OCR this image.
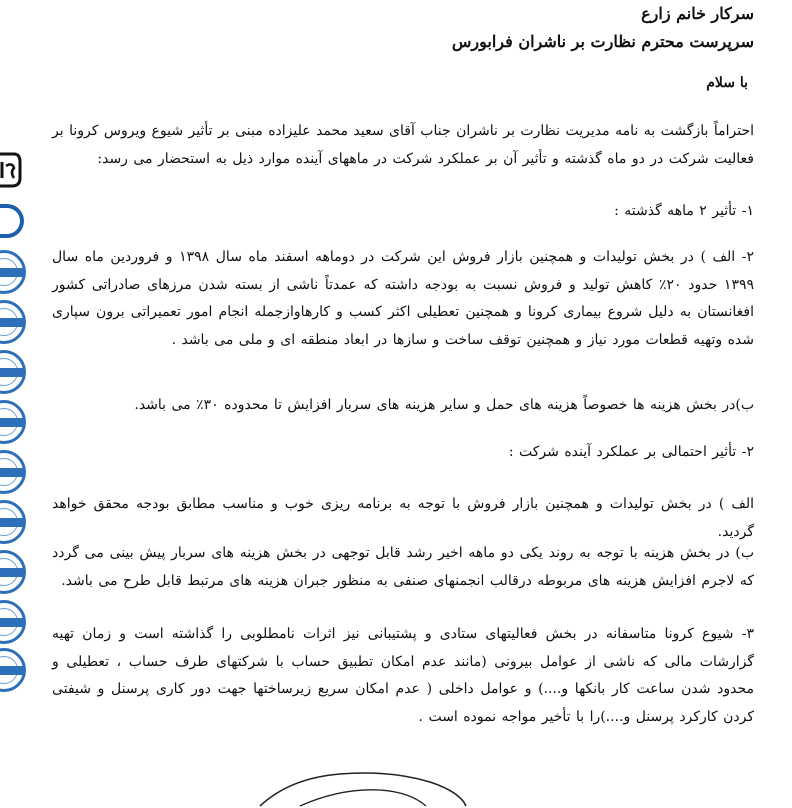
سرکار خانم زارع
سرپرست محترم نظارت بر ناشران فرابورس
با سلام
احتراماً بازگشت به نامه مدیریت نظارت بر ناشران جناب آقای سعید محمد علیزاده مبنی بر تأثیر شیوع ویروس کرونا بر فعالیت شرکت در دو ماه گذشته و تأثیر آن بر عملکرد شرکت در ماههای آینده موارد ذیل به استحضار می رسد:
۱- تأثیر ۲ ماهه گذشته :
۲- الف ) در بخش تولیدات و همچنین بازار فروش این شرکت در دوماهه اسفند ماه سال ۱۳۹۸ و فروردین ماه سال ۱۳۹۹ حدود ۲۰٪ کاهش تولید و فروش نسبت به بودجه داشته که عمدتاً ناشی از بسته شدن مرزهای صادراتی کشور افغانستان به دلیل شروع بیماری کرونا و همچنین تعطیلی اکثر کسب و کارهاوازجمله انجام امور تعمیراتی برون سپاری شده وتهیه قطعات مورد نیاز و همچنین توقف ساخت و سازها در ابعاد منطقه ای و ملی می باشد .
ب)در بخش هزینه ها خصوصاً هزینه های حمل و سایر هزینه های سربار افزایش تا محدوده ۳۰٪ می باشد.
۲- تأثیر احتمالی بر عملکرد آینده شرکت :
الف ) در بخش تولیدات و همچنین بازار فروش با توجه به برنامه ریزی خوب و مناسب مطابق بودجه محقق خواهد گردید.
ب) در بخش هزینه با توجه به روند یکی دو ماهه اخیر رشد قابل توجهی در بخش هزینه های سربار پیش بینی می گردد که لاجرم افزایش هزینه های مربوطه درقالب انجمنهای صنفی به منظور جبران هزینه های مرتبط قابل طرح می باشد.
۳- شیوع کرونا متاسفانه در بخش فعالیتهای ستادی و پشتیبانی نیز اثرات نامطلوبی را گذاشته است و زمان تهیه گزارشات مالی که ناشی از عوامل بیرونی (مانند عدم امکان تطبیق حساب با شرکتهای طرف حساب ، تعطیلی و محدود شدن ساعت کار بانکها و....) و عوامل داخلی ( عدم امکان سریع زیرساختها جهت دور کاری پرسنل و شیفتی کردن کارکرد پرسنل و....)را با تأخیر مواجه نموده است .
